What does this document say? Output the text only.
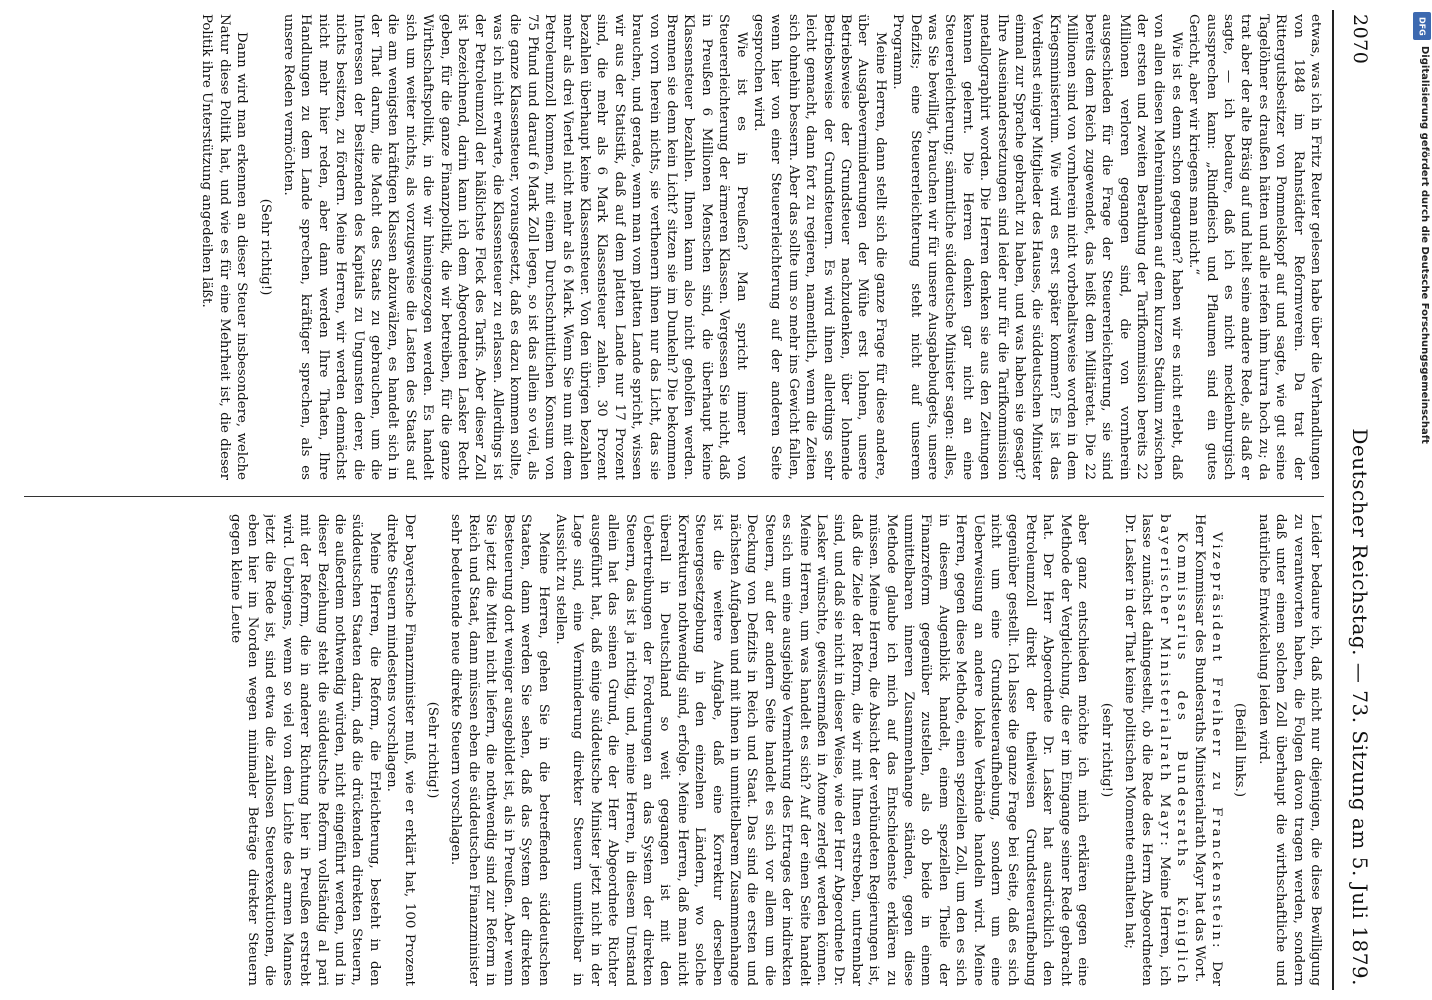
2070
Deutscher Reichstag. — 73. Sitzung am 5. Juli 1879.

etwas, was ich in Fritz Reuter gelesen habe über die Verhandlungen von 1848 im Rahnstädter Reformverein. Da trat der Rittergutsbesitzer von Pommelskopf auf und sagte, wie gut seine Tagelöhner es draußen hätten und alle riefen ihm hurra hoch zu; da trat aber der alte Bräsig auf und hielt seine andere Rede, als daß er sagte, — ich bedaure, daß ich es nicht mecklenburgisch aussprechen kann: „Rindfleisch und Pflaumen sind ein gutes Gericht, aber wir kriegens man nicht.“

Wie ist es denn schon gegangen? haben wir es nicht erlebt, daß von allen diesen Mehreinnahmen auf dem kurzen Stadium zwischen der ersten und zweiten Berathung der Tarifkommission bereits 22 Millionen verloren gegangen sind, die von vornherein ausgeschieden für die Frage der Steuererleichterung, sie sind bereits dem Reich zugewendet, das heißt dem Militäretat. Die 22 Millionen sind von vornherein nicht vorbehaltsweise worden in dem Kriegsministerium. Wie wird es erst später kommen? Es ist das Verdienst einiger Mitglieder des Hauses, die süddeutschen Minister einmal zur Sprache gebracht zu haben, und was haben sie gesagt? Ihre Auseinandersetzungen sind leider nur für die Tarifkommission metallographirt worden. Die Herren denken sie aus den Zeitungen kennen gelernt. Die Herren denken gar nicht an eine Steuererleichterung; sämmtliche süddeutsche Minister sagen: alles, was Sie bewilligt, brauchen wir für unsere Ausgabebudgets, unsere Defizits; eine Steuererleichterung steht nicht auf unserem Programm.

Meine Herren, dann stellt sich die ganze Frage für diese andere, über Ausgabeverminderungen der Mühe erst lohnen, unsere Betriebsweise der Grundsteuer nachzudenken, über lohnende Betriebsweise der Grundsteuern. Es wird ihnen allerdings sehr leicht gemacht, dann fort zu regieren, namentlich, wenn die Zeiten sich ohnehin bessern. Aber das sollte um so mehr ins Gewicht fallen, wenn hier von einer Steuererleichterung auf der anderen Seite gesprochen wird.

Wie ist es in Preußen? Man spricht immer von Steuererleichterung der ärmeren Klassen. Vergessen Sie nicht, daß in Preußen 6 Millionen Menschen sind, die überhaupt keine Klassensteuer bezahlen. Ihnen kann also nicht geholfen werden. Brennen sie denn kein Licht? sitzen sie im Dunkeln? Die bekommen von vorn herein nichts, sie verthenern ihnen nur das Licht, das sie brauchen, und gerade, wenn man vom platten Lande spricht, wissen wir aus der Statistik, daß auf dem platten Lande nur 17 Prozent sind, die mehr als 6 Mark Klassensteuer zahlen. 30 Prozent bezahlen überhaupt keine Klassensteuer. Von den übrigen bezahlen mehr als drei Viertel nicht mehr als 6 Mark. Wenn Sie nun mit dem Petroleumzoll kommen, mit einem Durchschnittlichen Konsum von 75 Pfund und darauf 6 Mark Zoll legen, so ist das allein so viel, als die ganze Klassensteuer, vorausgesetzt, daß es dazu kommen sollte, was ich nicht erwarte, die Klassensteuer zu erlassen. Allerdings ist der Petroleumzoll der häßlichste Fleck des Tarifs. Aber dieser Zoll ist bezeichnend, darin kann ich dem Abgeordneten Lasker Recht geben, für die ganze Finanzpolitik, die wir betreiben, für die ganze Wirthschaftspolitik, in die wir hineingezogen werden. Es handelt sich um weiter nichts, als vorzugsweise die Lasten des Staats auf die am wenigsten kräftigen Klassen abzuwälzen, es handelt sich in der That darum, die Macht des Staats zu gebrauchen, um die Interessen der Besitzenden des Kapitals zu Ungunsten derer, die nichts besitzen, zu fördern. Meine Herren, wir werden demnächst nicht mehr hier reden, aber dann werden Ihre Thaten, Ihre Handlungen zu dem Lande sprechen, kräftiger sprechen, als es unsere Reden vermöchten.

(Sehr richtig!)

Dann wird man erkennen an dieser Steuer insbesondere, welche Natur diese Politik hat, und wie es für eine Mehrheit ist, die dieser Politik ihre Unterstützung angedeihen läßt.

Leider bedaure ich, daß nicht nur diejenigen, die diese Bewilligung zu verantworten haben, die Folgen davon tragen werden, sondern daß unter einem solchen Zoll überhaupt die wirthschaftliche und natürliche Entwickelung leiden wird.

(Beifall links.)

Vizepräsident Freiherr zu Franckenstein: Der Herr Kommissar des Bundesraths Ministerialrath Mayr hat das Wort.

Kommissarius des Bundesraths königlich bayerischer Ministerialrath Mayr: Meine Herren, ich lasse zunächst dahingestellt, ob die Rede des Herrn Abgeordneten Dr. Lasker in der That keine politischen Momente enthalten hat;

(sehr richtig!)

aber ganz entschieden möchte ich mich erklären gegen eine Methode der Vergleichung, die er im Eingange seiner Rede gebracht hat. Der Herr Abgeordnete Dr. Lasker hat ausdrücklich den Petroleumzoll direkt der theilweisen Grundsteueraufhebung gegenüber gestellt. Ich lasse die ganze Frage bei Seite, daß es sich nicht um eine Grundsteueraufhebung, sondern um eine Ueberweisung an andere lokale Verbände handeln wird. Meine Herren, gegen diese Methode, einen speziellen Zoll, um den es sich in diesem Augenblick handelt, einem speziellen Theile der Finanzreform gegenüber zustellen, als ob beide in einem unmittelbaren inneren Zusammenhange ständen, gegen diese Methode glaube ich mich auf das Entschiedenste erklären zu müssen. Meine Herren, die Absicht der verbündeten Regierungen ist, daß die Ziele der Reform, die wir mit Ihnen erstreben, untrennbar sind, und daß sie nicht in dieser Weise, wie der Herr Abgeordnete Dr. Lasker wünschte, gewissermaßen in Atome zerlegt werden können. Meine Herren, um was handelt es sich? Auf der einen Seite handelt es sich um eine ausgiebige Vermehrung des Ertrages der indirekten Steuern, auf der andern Seite handelt es sich vor allem um die Deckung von Defizits in Reich und Staat. Das sind die ersten und nächsten Aufgaben und mit ihnen in unmittelbarem Zusammenhange ist die weitere Aufgabe, daß eine Korrektur derselben Steuergesetzgebung in den einzelnen Ländern, wo solche Korrekturen nothwendig sind, erfolge. Meine Herren, daß man nicht überall in Deutschland so weit gegangen ist mit den Uebertreibungen der Forderungen an das System der direkten Steuern, das ist ja richtig, und, meine Herren, in diesem Umstand allein hat das seinen Grund, die der Herr Abgeordnete Richter ausgeführt hat, daß einige süddeutsche Minister jetzt nicht in der Lage sind, eine Verminderung direkter Steuern unmittelbar in Aussicht zu stellen.

Meine Herren, gehen Sie in die betreffenden süddeutschen Staaten, dann werden Sie sehen, daß das System der direkten Besteuerung dort weniger ausgebildet ist, als in Preußen. Aber wenn Sie jetzt die Mittel nicht liefern, die nothwendig sind zur Reform in Reich und Staat, dann müssen eben die süddeutschen Finanzminister sehr bedeutende neue direkte Steuern vorschlagen.

(Sehr richtig!)

Der bayerische Finanzminister muß, wie er erklärt hat, 100 Prozent direkte Steuern mindestens vorschlagen.

Meine Herren, die Reform, die Erleichterung, besteht in den süddeutschen Staaten darin, daß die drückenden direkten Steuern, die außerdem nothwendig würden, nicht eingeführt werden, und in dieser Beziehung steht die süddeutsche Reform vollständig al pari mit der Reform, die in anderer Richtung hier in Preußen erstrebt wird. Uebrigens, wenn so viel von dem Lichte des armen Mannes jetzt die Rede ist, sind etwa die zahllosen Steuerexekutionen, die eben hier im Norden wegen minimaler Beträge direkter Steuern gegen kleine Leute

DFG
Digitalisierung gefördert durch die Deutsche Forschungsgemeinschaft
